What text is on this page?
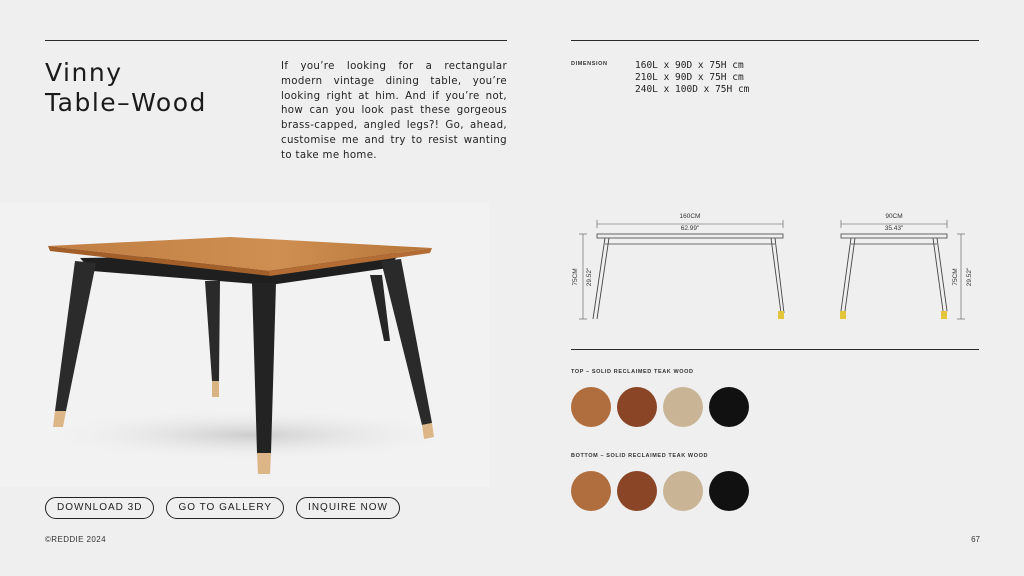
Vinny
Table–Wood

If you’re looking for a rectangular modern vintage dining table, you’re looking right at him. And if you’re not, how can you look past these gorgeous brass-capped, angled legs?! Go, ahead, customise me and try to resist wanting to take me home.

DIMENSION	160L x 90D x 75H cm
210L x 90D x 75H cm
240L x 100D x 75H cm
160CM
62.99"
75CM 29.52"
90CM
35.43"
75CM 29.52"
TOP – SOLID RECLAIMED TEAK WOOD
BOTTOM – SOLID RECLAIMED TEAK WOOD
DOWNLOAD 3D	GO TO GALLERY	INQUIRE NOW
©REDDIE 2024	67
